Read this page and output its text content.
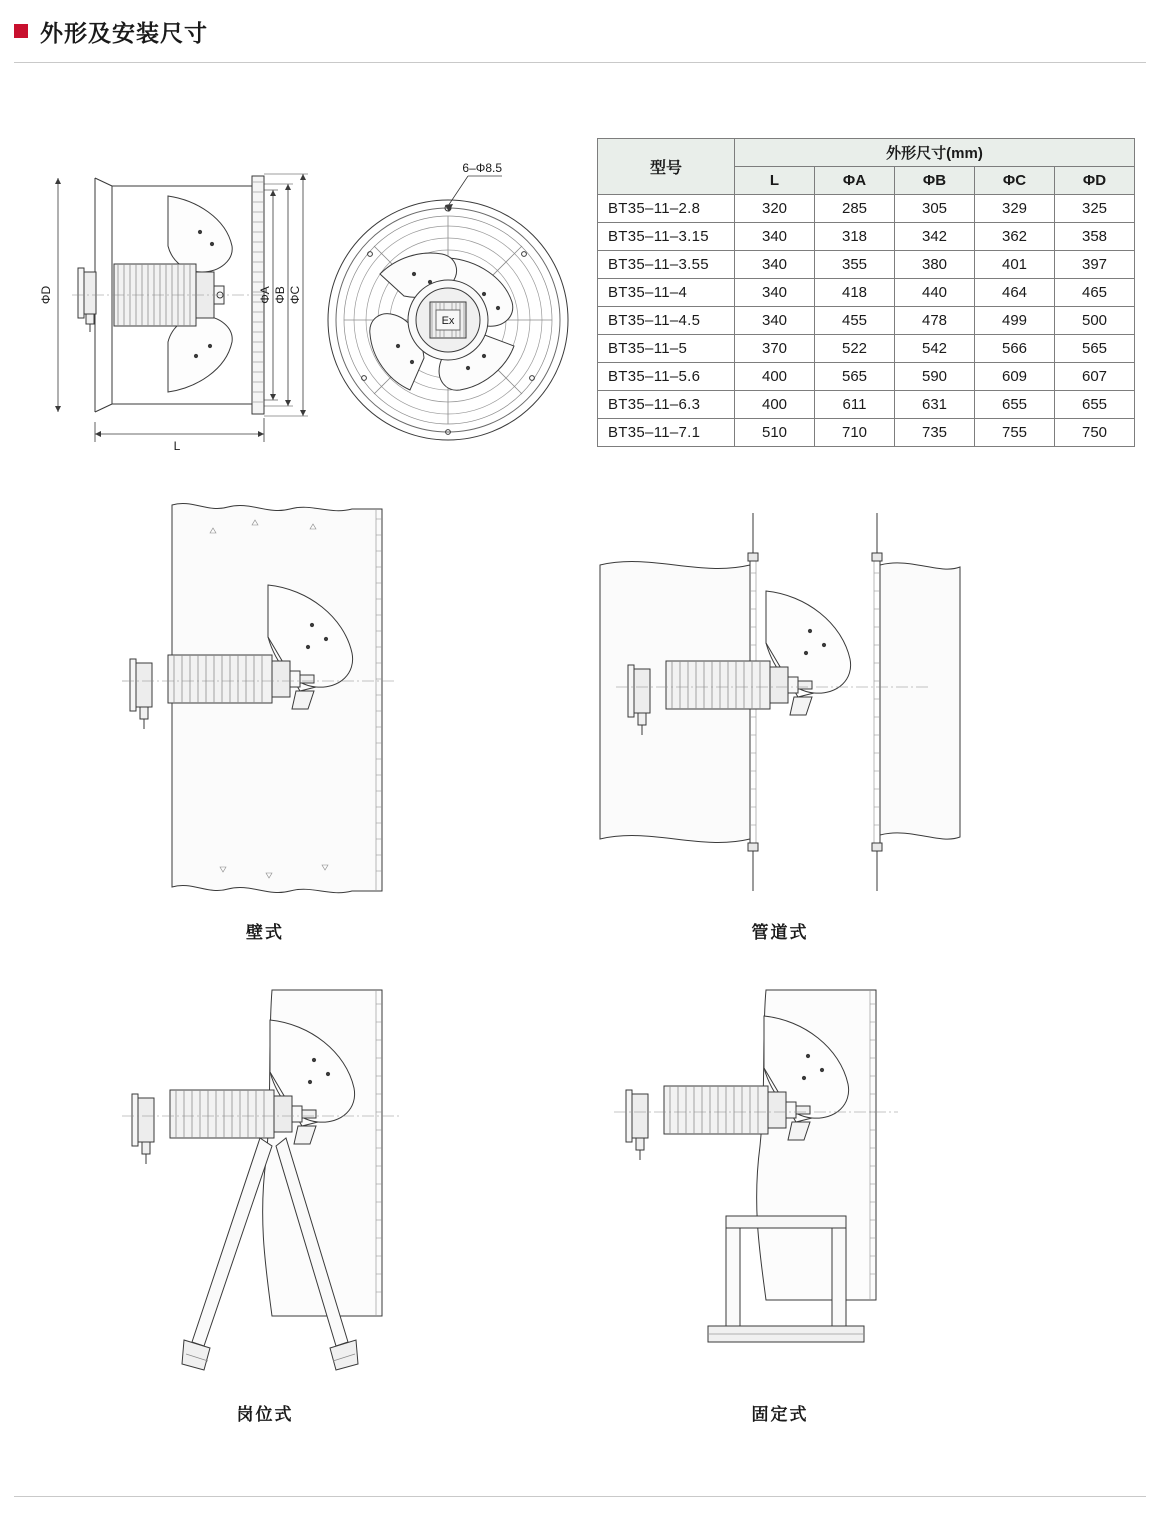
外形及安装尺寸
型号	外形尺寸(mm)				
	L	ΦA	ΦB	ΦC	ΦD
BT35–11–2.8	320	285	305	329	325
BT35–11–3.15	340	318	342	362	358
BT35–11–3.55	340	355	380	401	397
BT35–11–4	340	418	440	464	465
BT35–11–4.5	340	455	478	499	500
BT35–11–5	370	522	542	566	565
BT35–11–5.6	400	565	590	609	607
BT35–11–6.3	400	611	631	655	655
BT35–11–7.1	510	710	735	755	750
L
ΦD	ΦA ΦB ΦC
6–Φ8.5
Ex
壁式	管道式
岗位式	固定式
